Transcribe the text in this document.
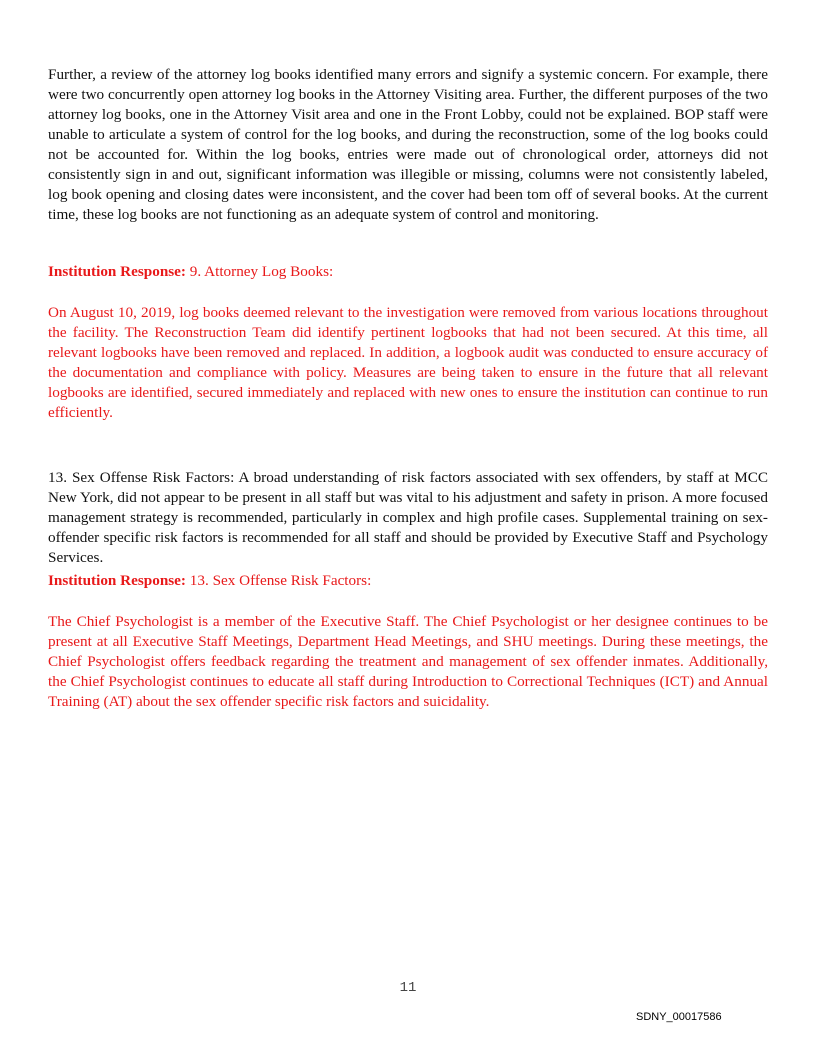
Further, a review of the attorney log books identified many errors and signify a systemic concern. For example, there were two concurrently open attorney log books in the Attorney Visiting area. Further, the different purposes of the two attorney log books, one in the Attorney Visit area and one in the Front Lobby, could not be explained. BOP staff were unable to articulate a system of control for the log books, and during the reconstruction, some of the log books could not be accounted for. Within the log books, entries were made out of chronological order, attorneys did not consistently sign in and out, significant information was illegible or missing, columns were not consistently labeled, log book opening and closing dates were inconsistent, and the cover had been tom off of several books. At the current time, these log books are not functioning as an adequate system of control and monitoring.

Institution Response: 9. Attorney Log Books:

On August 10, 2019, log books deemed relevant to the investigation were removed from various locations throughout the facility. The Reconstruction Team did identify pertinent logbooks that had not been secured. At this time, all relevant logbooks have been removed and replaced. In addition, a logbook audit was conducted to ensure accuracy of the documentation and compliance with policy. Measures are being taken to ensure in the future that all relevant logbooks are identified, secured immediately and replaced with new ones to ensure the institution can continue to run efficiently.

13. Sex Offense Risk Factors: A broad understanding of risk factors associated with sex offenders, by staff at MCC New York, did not appear to be present in all staff but was vital to his adjustment and safety in prison. A more focused management strategy is recommended, particularly in complex and high profile cases. Supplemental training on sex-offender specific risk factors is recommended for all staff and should be provided by Executive Staff and Psychology Services.

Institution Response: 13. Sex Offense Risk Factors:

The Chief Psychologist is a member of the Executive Staff. The Chief Psychologist or her designee continues to be present at all Executive Staff Meetings, Department Head Meetings, and SHU meetings. During these meetings, the Chief Psychologist offers feedback regarding the treatment and management of sex offender inmates. Additionally, the Chief Psychologist continues to educate all staff during Introduction to Correctional Techniques (ICT) and Annual Training (AT) about the sex offender specific risk factors and suicidality.

11

SDNY_00017586
